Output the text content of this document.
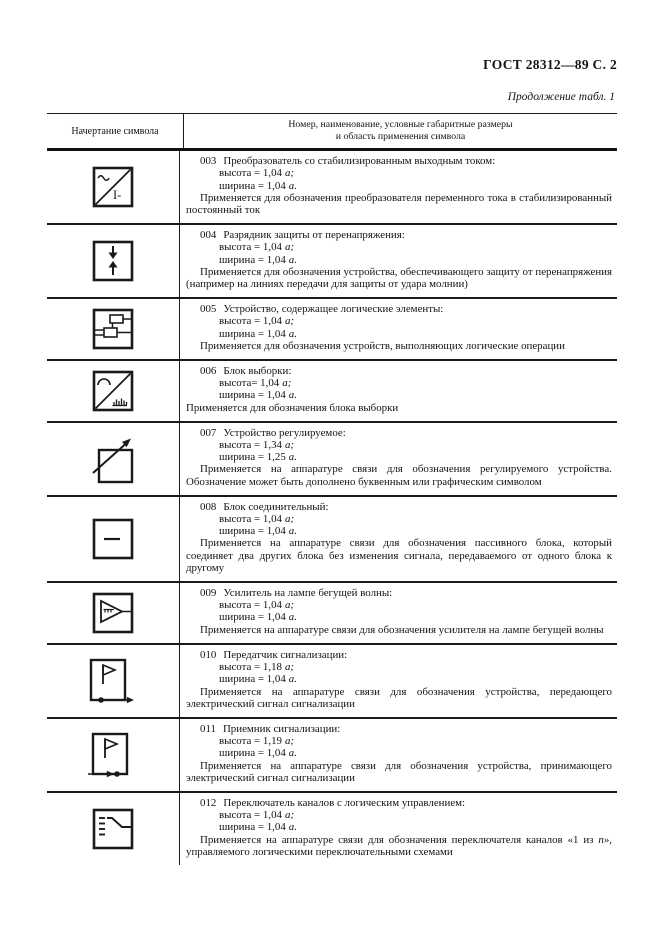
ГОСТ 28312—89 С. 2
Продолжение табл. 1
Начертание символа
Номер, наименование, условные габаритные размеры
и область применения символа
I-
003 Преобразователь со стабилизированным выходным током:
высота = 1,04 а;
ширина = 1,04 а.
Применяется для обозначения преобразователя переменного тока в стабилизированный постоянный ток
004 Разрядник защиты от перенапряжения:
высота = 1,04 а;
ширина = 1,04 а.
Применяется для обозначения устройства, обеспечивающего защиту от перенапряжения (например на линиях передачи для защиты от удара молнии)
005 Устройство, содержащее логические элементы:
высота = 1,04 а;
ширина = 1,04 а.
Применяется для обозначения устройств, выполняющих логические операции
006 Блок выборки:
высота= 1,04 а;
ширина = 1,04 а.
Применяется для обозначения блока выборки
007 Устройство регулируемое:
высота = 1,34 а;
ширина = 1,25 а.
Применяется на аппаратуре связи для обозначения регулируемого устройства. Обозначение может быть дополнено буквенным или графическим символом
008 Блок соединительный:
высота = 1,04 а;
ширина = 1,04 а.
Применяется на аппаратуре связи для обозначения пассивного блока, который соединяет два других блока без изменения сигнала, передаваемого от одного блока к другому
009 Усилитель на лампе бегущей волны:
высота = 1,04 а;
ширина = 1,04 а.
Применяется на аппаратуре связи для обозначения усилителя на лампе бегущей волны
010 Передатчик сигнализации:
высота = 1,18 а;
ширина = 1,04 а.
Применяется на аппаратуре связи для обозначения устройства, передающего электрический сигнал сигнализации
011 Приемник сигнализации:
высота = 1,19 а;
ширина = 1,04 а.
Применяется на аппаратуре связи для обозначения устройства, принимающего электрический сигнал сигнализации
012 Переключатель каналов с логическим управлением:
высота = 1,04 а;
ширина = 1,04 а.
Применяется на аппаратуре связи для обозначения переключателя каналов «1 из n», управляемого логическими переключательными схемами
